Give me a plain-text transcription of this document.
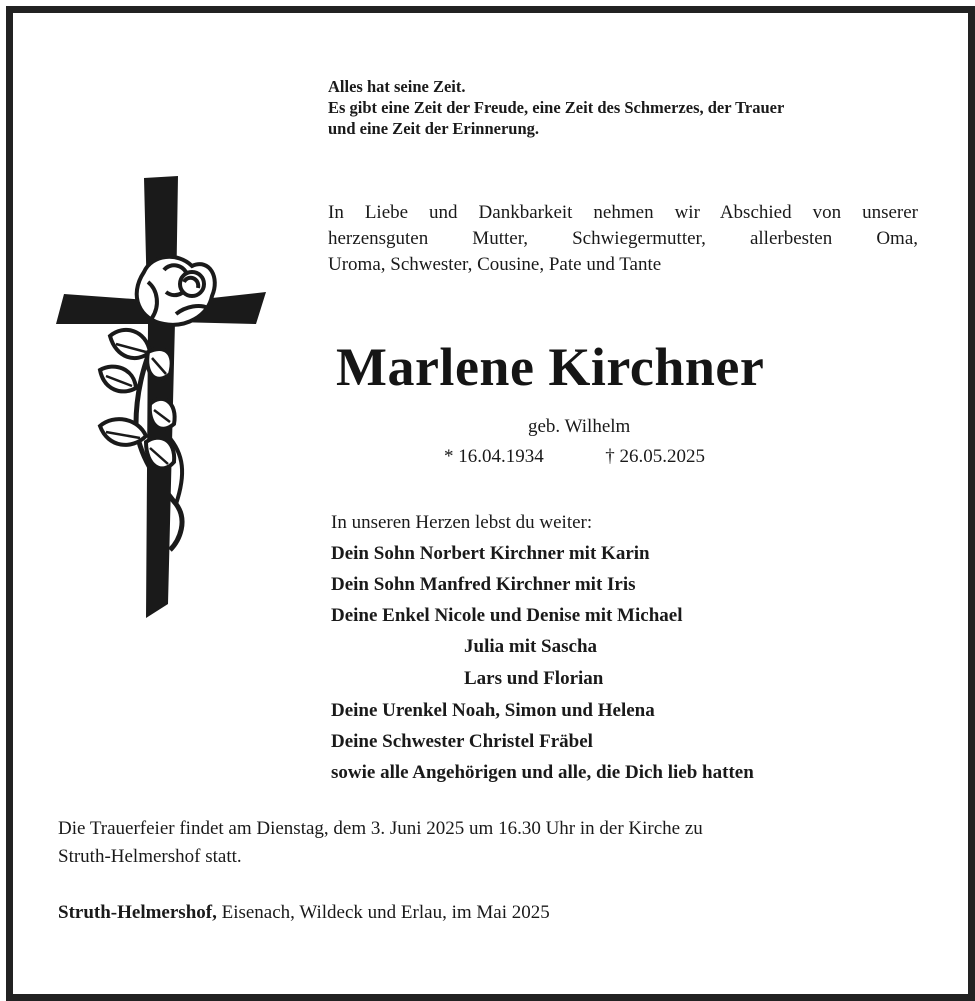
Alles hat seine Zeit.
Es gibt eine Zeit der Freude, eine Zeit des Schmerzes, der Trauer
und eine Zeit der Erinnerung.
In Liebe und Dankbarkeit nehmen wir Abschied von unserer
herzensguten Mutter, Schwiegermutter, allerbesten Oma,
Uroma, Schwester, Cousine, Pate und Tante
Marlene Kirchner
geb. Wilhelm
* 16.04.1934	† 26.05.2025
In unseren Herzen lebst du weiter:
Dein Sohn Norbert Kirchner mit Karin
Dein Sohn Manfred Kirchner mit Iris
Deine Enkel Nicole und Denise mit Michael
Julia mit Sascha
Lars und Florian
Deine Urenkel Noah, Simon und Helena
Deine Schwester Christel Fräbel
sowie alle Angehörigen und alle, die Dich lieb hatten
Die Trauerfeier findet am Dienstag, dem 3. Juni 2025 um 16.30 Uhr in der Kirche zu
Struth-Helmershof statt.
Struth-Helmershof, Eisenach, Wildeck und Erlau, im Mai 2025
